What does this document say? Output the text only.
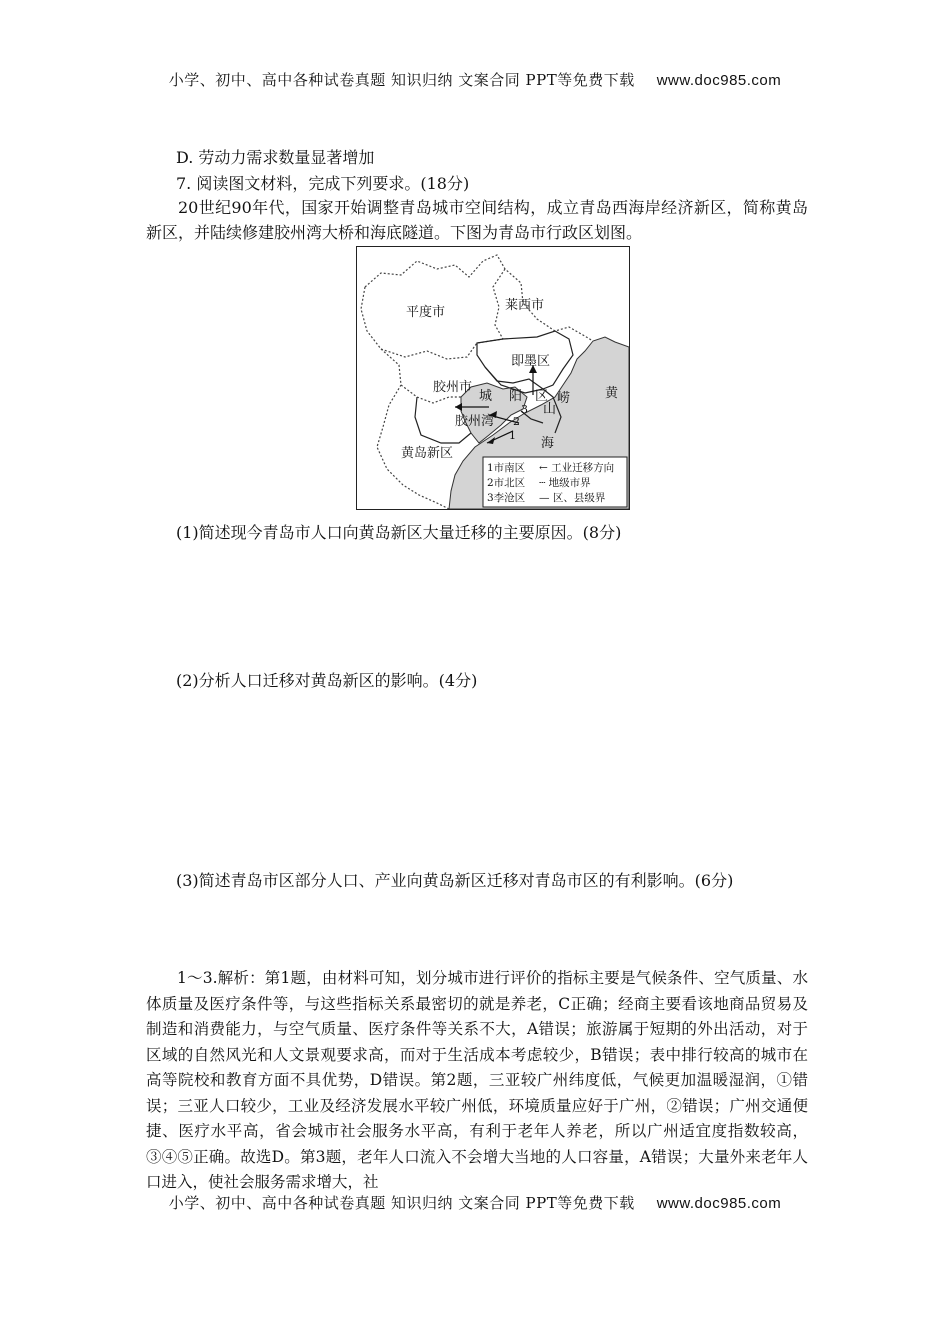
小学、初中、高中各种试卷真题 知识归纳 文案合同 PPT等免费下载 www.doc985.com
D. 劳动力需求数量显著增加
7. 阅读图文材料，完成下列要求。(18分)

20世纪90年代，国家开始调整青岛城市空间结构，成立青岛西海岸经济新区，简称黄岛新区，并陆续修建胶州湾大桥和海底隧道。下图为青岛市行政区划图。

平度市	莱西市
即墨区
胶州市
城 阳 区 崂
山
胶州湾
黄岛新区
黄
海
1
2
3
1市南区
2市北区
3李沧区
← 工业迁移方向
┄ 地级市界
— 区、县级界
(1)简述现今青岛市人口向黄岛新区大量迁移的主要原因。(8分)
(2)分析人口迁移对黄岛新区的影响。(4分)
(3)简述青岛市区部分人口、产业向黄岛新区迁移对青岛市区的有利影响。(6分)

1～3.解析：第1题，由材料可知，划分城市进行评价的指标主要是气候条件、空气质量、水体质量及医疗条件等，与这些指标关系最密切的就是养老，C正确；经商主要看该地商品贸易及制造和消费能力，与空气质量、医疗条件等关系不大，A错误；旅游属于短期的外出活动，对于区域的自然风光和人文景观要求高，而对于生活成本考虑较少，B错误；表中排行较高的城市在高等院校和教育方面不具优势，D错误。第2题，三亚较广州纬度低，气候更加温暖湿润，①错误；三亚人口较少，工业及经济发展水平较广州低，环境质量应好于广州，②错误；广州交通便捷、医疗水平高，省会城市社会服务水平高，有利于老年人养老，所以广州适宜度指数较高，③④⑤正确。故选D。第3题，老年人口流入不会增大当地的人口容量，A错误；大量外来老年人口进入，使社会服务需求增大，社

小学、初中、高中各种试卷真题 知识归纳 文案合同 PPT等免费下载 www.doc985.com
